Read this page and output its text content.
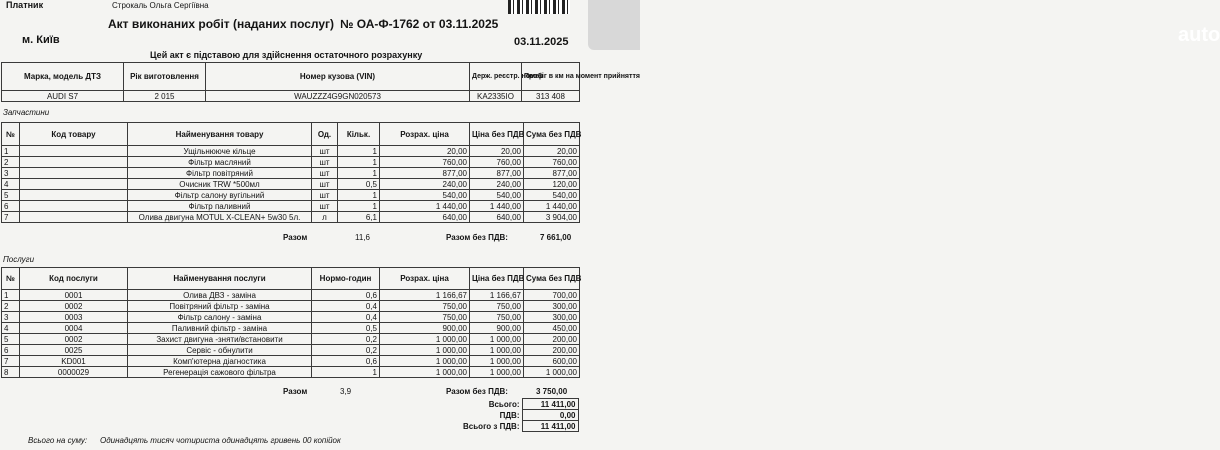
auto
Платник	Строкаль Ольга Сергіївна
Акт виконаних робіт (наданих послуг) № ОА-Ф-1762 от 03.11.2025
м. Київ	03.11.2025
Цей акт є підставою для здійснення остаточного розрахунку
Марка, модель ДТЗ	Рік виготовлення	Номер кузова (VIN)	Держ. реєстр. номер	Пробіг в км на момент прийняття
AUDI S7	2 015	WAUZZZ4G9GN020573	KA2335IO	313 408
Запчастини
№	Код товару	Найменування товару	Од.	Кільк.	Розрах. ціна	Ціна без ПДВ	Сума без ПДВ
1		Ущільнююче кільце	шт	1	20,00	20,00	20,00
2		Фільтр масляний	шт	1	760,00	760,00	760,00
3		Фільтр повітряний	шт	1	877,00	877,00	877,00
4		Очисник TRW *500мл	шт	0,5	240,00	240,00	120,00
5		Фільтр салону вугільний	шт	1	540,00	540,00	540,00
6		Фільтр паливний	шт	1	1 440,00	1 440,00	1 440,00
7		Олива двигуна MOTUL X-CLEAN+ 5w30 5л.	л	6,1	640,00	640,00	3 904,00
Разом	11,6	Разом без ПДВ:	7 661,00
Послуги
№	Код послуги	Найменування послуги	Нормо-годин	Розрах. ціна	Ціна без ПДВ	Сума без ПДВ
1	0001	Олива ДВЗ - заміна	0,6	1 166,67	1 166,67	700,00
2	0002	Повітряний фільтр - заміна	0,4	750,00	750,00	300,00
3	0003	Фільтр салону - заміна	0,4	750,00	750,00	300,00
4	0004	Паливний фільтр - заміна	0,5	900,00	900,00	450,00
5	0002	Захист двигуна -зняти/встановити	0,2	1 000,00	1 000,00	200,00
6	0025	Сервіс - обнулити	0,2	1 000,00	1 000,00	200,00
7	KD001	Комп'ютерна діагностика	0,6	1 000,00	1 000,00	600,00
8	0000029	Регенерація сажового фільтра	1	1 000,00	1 000,00	1 000,00
Разом	3,9	Разом без ПДВ:	3 750,00
Всього:	11 411,00
ПДВ:	0,00
Всього з ПДВ:	11 411,00
Всього на суму: Одинадцять тисяч чотириста одинадцять гривень 00 копійок
